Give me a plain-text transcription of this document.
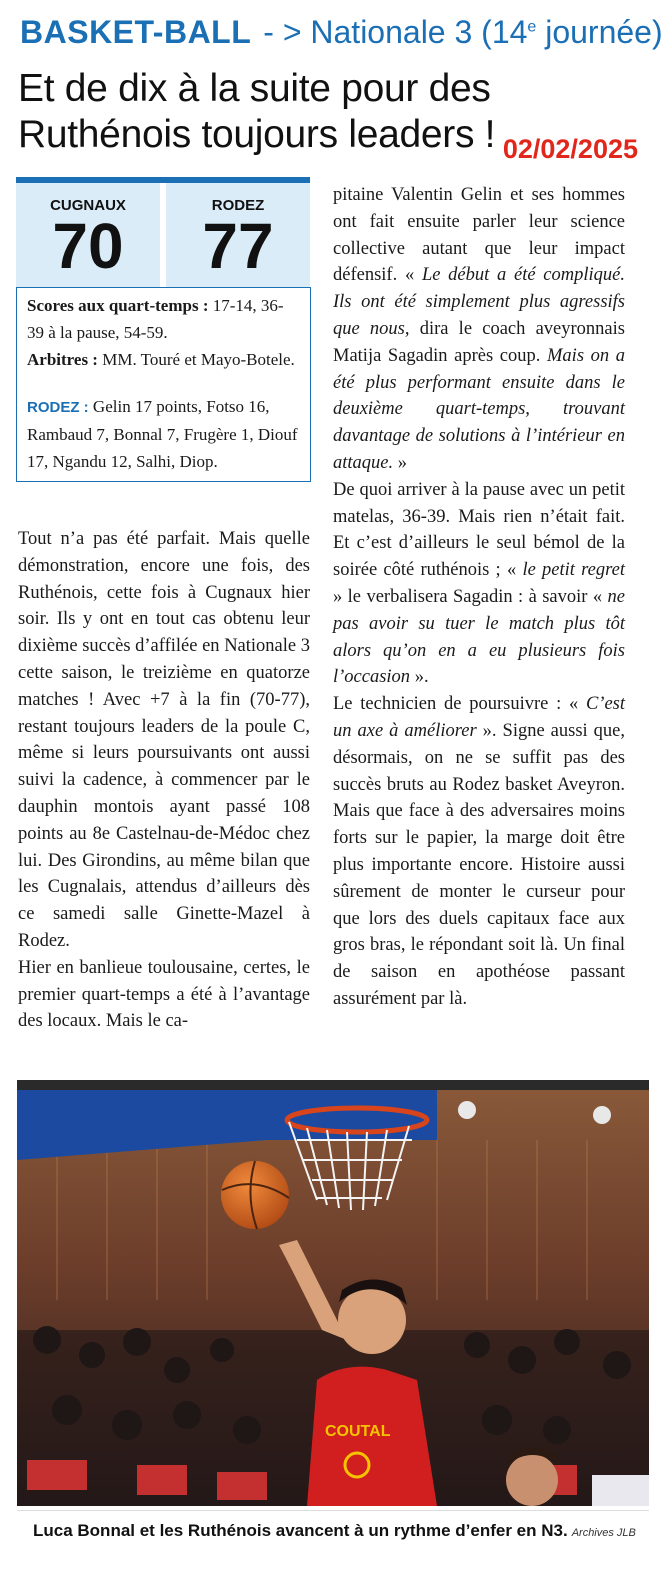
BASKET-BALL - > Nationale 3 (14e journée)
Et de dix à la suite pour des
Ruthénois toujours leaders ! 02/02/2025
CUGNAUX
70
RODEZ
77

Scores aux quart-temps : 17-14, 36-39 à la pause, 54-59.

Arbitres : MM. Touré et Mayo-Botele.

RODEZ : Gelin 17 points, Fotso 16, Rambaud 7, Bonnal 7, Frugère 1, Diouf 17, Ngandu 12, Salhi, Diop.

Tout n’a pas été parfait. Mais quelle démonstration, encore une fois, des Ruthénois, cette fois à Cugnaux hier soir. Ils y ont en tout cas obtenu leur dixième succès d’affilée en Nationale 3 cette saison, le treizième en quatorze matches ! Avec +7 à la fin (70-77), restant toujours leaders de la poule C, même si leurs poursuivants ont aussi suivi la cadence, à commencer par le dauphin montois ayant passé 108 points au 8e Castelnau-de-Médoc chez lui. Des Girondins, au même bilan que les Cugnalais, attendus d’ailleurs dès ce samedi salle Ginette-Mazel à Rodez.

Hier en banlieue toulousaine, certes, le premier quart-temps a été à l’avantage des locaux. Mais le ca-

pitaine Valentin Gelin et ses hommes ont fait ensuite parler leur science collective autant que leur impact défensif. « Le début a été compliqué. Ils ont été simplement plus agressifs que nous, dira le coach aveyronnais Matija Sagadin après coup. Mais on a été plus performant ensuite dans le deuxième quart-temps, trouvant davantage de solutions à l’intérieur en attaque. »

De quoi arriver à la pause avec un petit matelas, 36-39. Mais rien n’était fait. Et c’est d’ailleurs le seul bémol de la soirée côté ruthénois ; « le petit regret » le verbalisera Sagadin : à savoir « ne pas avoir su tuer le match plus tôt alors qu’on en a eu plusieurs fois l’occasion ».

Le technicien de poursuivre : « C’est un axe à améliorer ». Signe aussi que, désormais, on ne se suffit pas des succès bruts au Rodez basket Aveyron. Mais que face à des adversaires moins forts sur le papier, la marge doit être plus importante encore. Histoire aussi sûrement de monter le curseur pour que lors des duels capitaux face aux gros bras, le répondant soit là. Un final de saison en apothéose passant assurément par là.

COUTAL
Luca Bonnal et les Ruthénois avancent à un rythme d’enfer en N3. Archives JLB
